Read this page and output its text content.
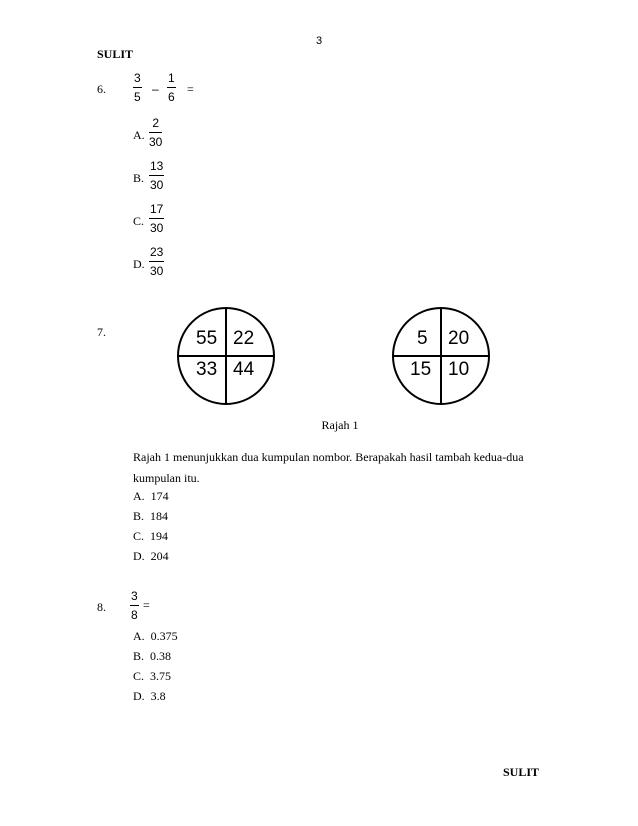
3
SULIT
6.
3
5
–
1
6
=
A.
2
30
B.
13
30
C.
17
30
D.
23
30
7.	55 22
33 44
5 20
15 10
Rajah 1
Rajah 1 menunjukkan dua kumpulan nombor. Berapakah hasil tambah kedua-dua
kumpulan itu.
A. 174
B. 184
C. 194
D. 204
8.
3
8
=
A. 0.375
B. 0.38
C. 3.75
D. 3.8
SULIT
